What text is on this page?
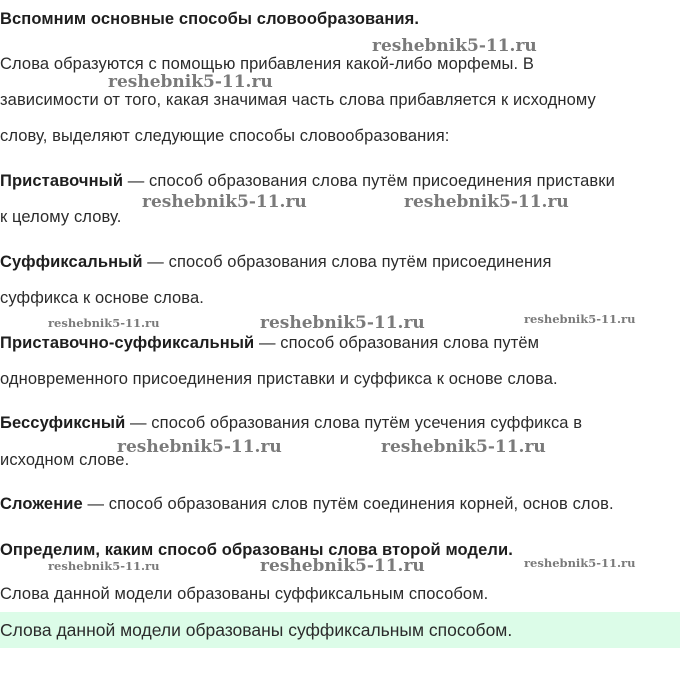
Вспомним основные способы словообразования.
Слова образуются с помощью прибавления какой-либо морфемы. В
зависимости от того, какая значимая часть слова прибавляется к исходному
слову, выделяют следующие способы словообразования:
Приставочный — способ образования слова путём присоединения приставки
к целому слову.
Суффиксальный — способ образования слова путём присоединения
суффикса к основе слова.
Приставочно-суффиксальный — способ образования слова путём
одновременного присоединения приставки и суффикса к основе слова.
Бессуфиксный — способ образования слова путём усечения суффикса в
исходном слове.
Сложение — способ образования слов путём соединения корней, основ слов.
Определим, каким способ образованы слова второй модели.
Слова данной модели образованы суффиксальным способом.
Слова данной модели образованы суффиксальным способом.
reshebnik5-11.ru
reshebnik5-11.ru
reshebnik5-11.ru	reshebnik5-11.ru
reshebnik5-11.ru	reshebnik5-11.ru	reshebnik5-11.ru
reshebnik5-11.ru	reshebnik5-11.ru
reshebnik5-11.ru	reshebnik5-11.ru	reshebnik5-11.ru
